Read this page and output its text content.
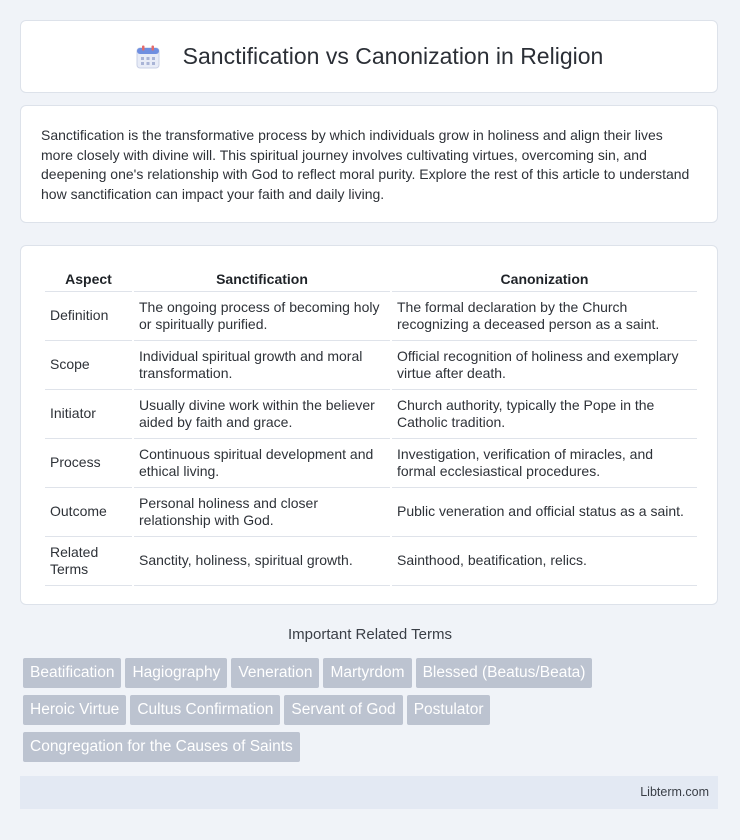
Sanctification vs Canonization in Religion

Sanctification is the transformative process by which individuals grow in holiness and align their lives more closely with divine will. This spiritual journey involves cultivating virtues, overcoming sin, and deepening one's relationship with God to reflect moral purity. Explore the rest of this article to understand how sanctification can impact your faith and daily living.

Aspect	Sanctification	Canonization
Definition	The ongoing process of becoming holy or spiritually purified.	The formal declaration by the Church recognizing a deceased person as a saint.
Scope	Individual spiritual growth and moral transformation.	Official recognition of holiness and exemplary virtue after death.
Initiator	Usually divine work within the believer aided by faith and grace.	Church authority, typically the Pope in the Catholic tradition.
Process	Continuous spiritual development and ethical living.	Investigation, verification of miracles, and formal ecclesiastical procedures.
Outcome	Personal holiness and closer relationship with God.	Public veneration and official status as a saint.
Related Terms	Sanctity, holiness, spiritual growth.	Sainthood, beatification, relics.
Important Related Terms
Beatification Hagiography Veneration Martyrdom Blessed (Beatus/Beata)
Heroic Virtue Cultus Confirmation Servant of God Postulator
Congregation for the Causes of Saints
Libterm.com
